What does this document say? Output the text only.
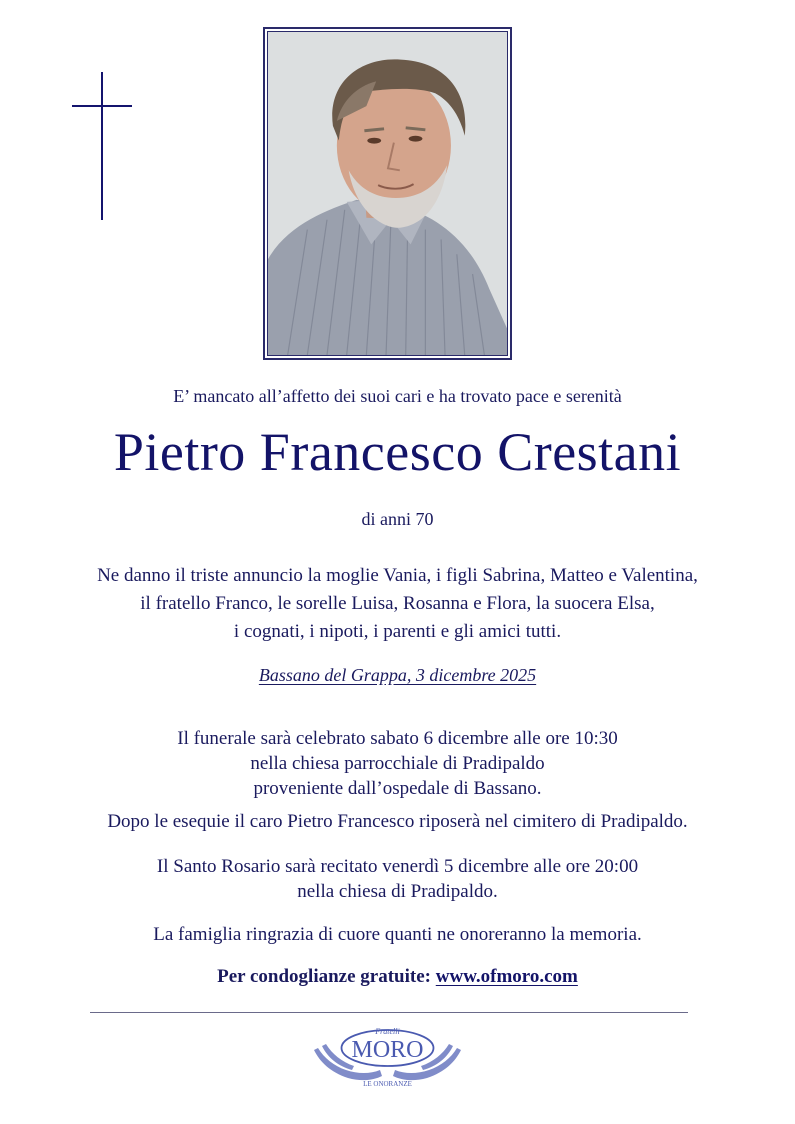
E’ mancato all’affetto dei suoi cari e ha trovato pace e serenità
Pietro Francesco Crestani
di anni 70
Ne danno il triste annuncio la moglie Vania, i figli Sabrina, Matteo e Valentina,
il fratello Franco, le sorelle Luisa, Rosanna e Flora, la suocera Elsa,
i cognati, i nipoti, i parenti e gli amici tutti.
Bassano del Grappa, 3 dicembre 2025
Il funerale sarà celebrato sabato 6 dicembre alle ore 10:30
nella chiesa parrocchiale di Pradipaldo
proveniente dall’ospedale di Bassano.
Dopo le esequie il caro Pietro Francesco riposerà nel cimitero di Pradipaldo.
Il Santo Rosario sarà recitato venerdì 5 dicembre alle ore 20:00
nella chiesa di Pradipaldo.
La famiglia ringrazia di cuore quanti ne onoreranno la memoria.
Per condoglianze gratuite: www.ofmoro.com
Fratelli
MORO
LE ONORANZE
